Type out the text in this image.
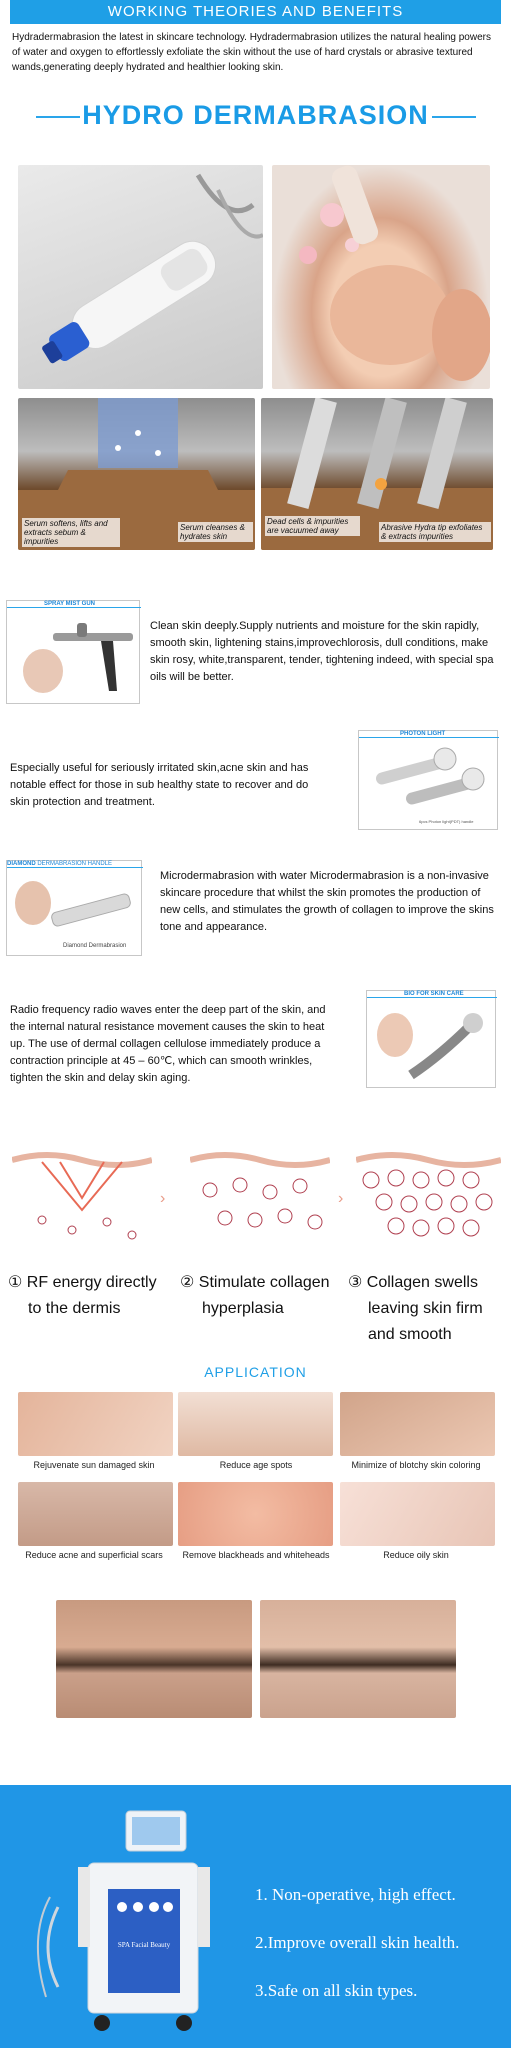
WORKING THEORIES AND BENEFITS
Hydradermabrasion the latest in skincare technology. Hydradermabrasion utilizes the natural healing powers of water and oxygen to effortlessly exfoliate the skin without the use of hard crystals or abrasive textured wands,generating deeply hydrated and healthier looking skin.
HYDRO DERMABRASION
Serum softens, lifts and extracts sebum & impurities
Serum cleanses & hydrates skin
Dead cells & impurities are vacuumed away	Abrasive Hydra tip exfoliates & extracts impurities
SPRAY MIST GUN
Clean skin deeply.Supply nutrients and moisture for the skin rapidly, smooth skin, lightening stains,improvechlorosis, dull conditions, make skin rosy, white,transparent, tender, tightening indeed, with special spa oils will be better.
Especially useful for seriously irritated skin,acne skin and has notable effect for those in sub healthy state to recover and do skin protection and treatment.
PHOTON LIGHT
6pcs Photon light(PDT) handle
DIAMOND DERMABRASION HANDLE
Diamond Dermabrasion
Microdermabrasion with water Microdermabrasion is a non-invasive skincare procedure that whilst the skin promotes the production of new cells, and stimulates the growth of collagen to improve the skins tone and appearance.
Radio frequency radio waves enter the deep part of the skin, and the internal natural resistance movement causes the skin to heat up. The use of dermal collagen cellulose immediately produce a contraction principle at 45 – 60℃, which can smooth wrinkles, tighten the skin and delay skin aging.
BIO FOR SKIN CARE
›	›
① RF energy directly
to the dermis
② Stimulate collagen
hyperplasia
③ Collagen swells
leaving skin firm
and smooth
APPLICATION
Rejuvenate sun damaged skin	Reduce age spots	Minimize of blotchy skin coloring
Reduce acne and superficial scars	Remove blackheads and whiteheads	Reduce oily skin
SPA Facial Beauty
1. Non-operative, high effect.
2.Improve overall skin health.
3.Safe on all skin types.
